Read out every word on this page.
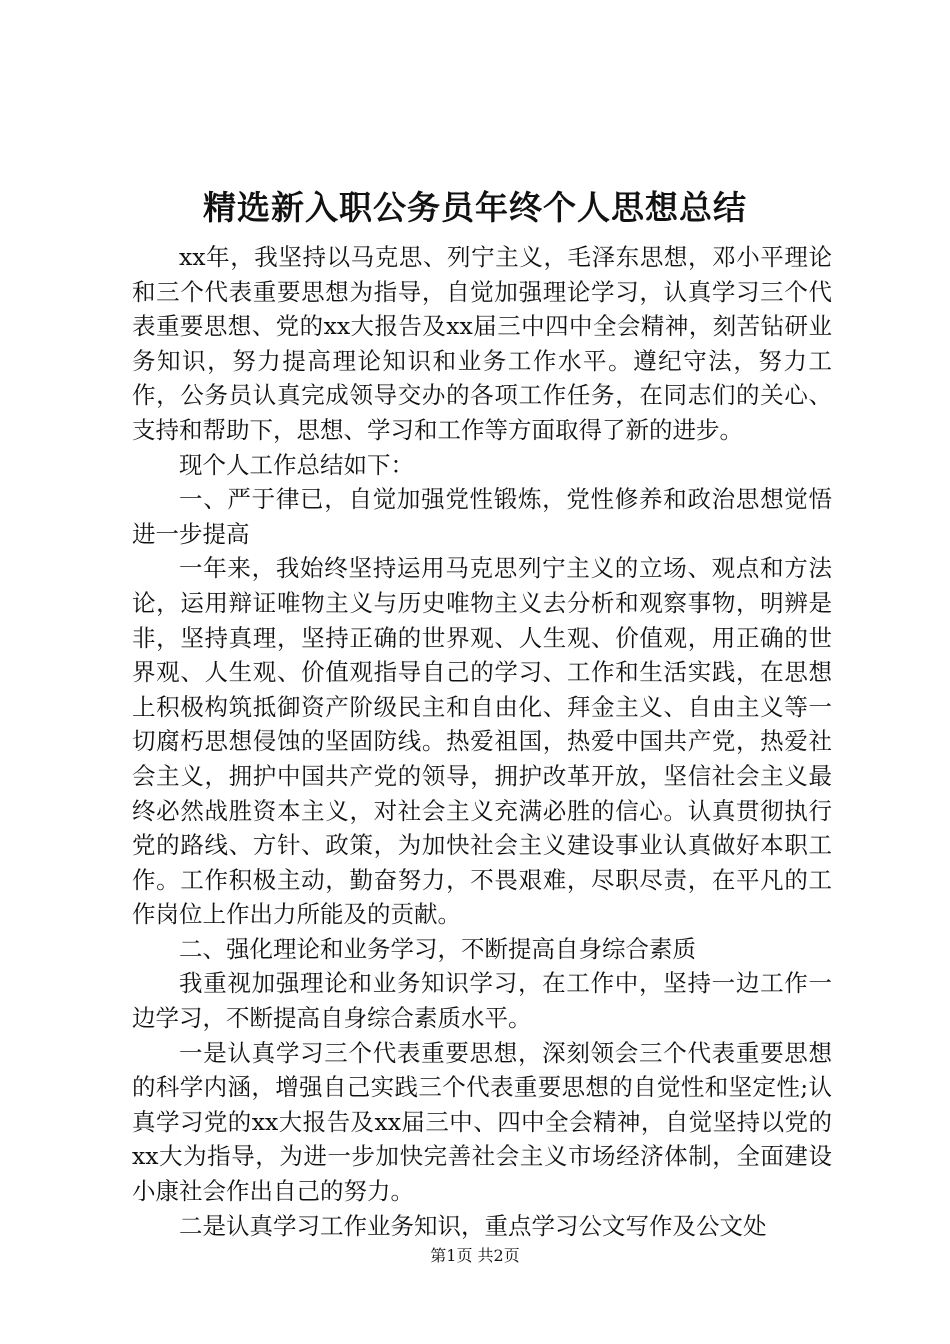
精选新入职公务员年终个人思想总结

xx年，我坚持以马克思、列宁主义，毛泽东思想，邓小平理论和三个代表重要思想为指导，自觉加强理论学习，认真学习三个代表重要思想、党的xx大报告及xx届三中四中全会精神，刻苦钻研业务知识，努力提高理论知识和业务工作水平。遵纪守法，努力工作，公务员认真完成领导交办的各项工作任务，在同志们的关心、支持和帮助下，思想、学习和工作等方面取得了新的进步。

现个人工作总结如下：

一、严于律已，自觉加强党性锻炼，党性修养和政治思想觉悟进一步提高

一年来，我始终坚持运用马克思列宁主义的立场、观点和方法论，运用辩证唯物主义与历史唯物主义去分析和观察事物，明辨是非，坚持真理，坚持正确的世界观、人生观、价值观，用正确的世界观、人生观、价值观指导自己的学习、工作和生活实践，在思想上积极构筑抵御资产阶级民主和自由化、拜金主义、自由主义等一切腐朽思想侵蚀的坚固防线。热爱祖国，热爱中国共产党，热爱社会主义，拥护中国共产党的领导，拥护改革开放，坚信社会主义最终必然战胜资本主义，对社会主义充满必胜的信心。认真贯彻执行党的路线、方针、政策，为加快社会主义建设事业认真做好本职工作。工作积极主动，勤奋努力，不畏艰难，尽职尽责，在平凡的工作岗位上作出力所能及的贡献。

二、强化理论和业务学习，不断提高自身综合素质

我重视加强理论和业务知识学习，在工作中，坚持一边工作一边学习，不断提高自身综合素质水平。

一是认真学习三个代表重要思想，深刻领会三个代表重要思想的科学内涵，增强自己实践三个代表重要思想的自觉性和坚定性;认真学习党的xx大报告及xx届三中、四中全会精神，自觉坚持以党的xx大为指导，为进一步加快完善社会主义市场经济体制，全面建设小康社会作出自己的努力。

二是认真学习工作业务知识，重点学习公文写作及公文处

第1页 共2页
